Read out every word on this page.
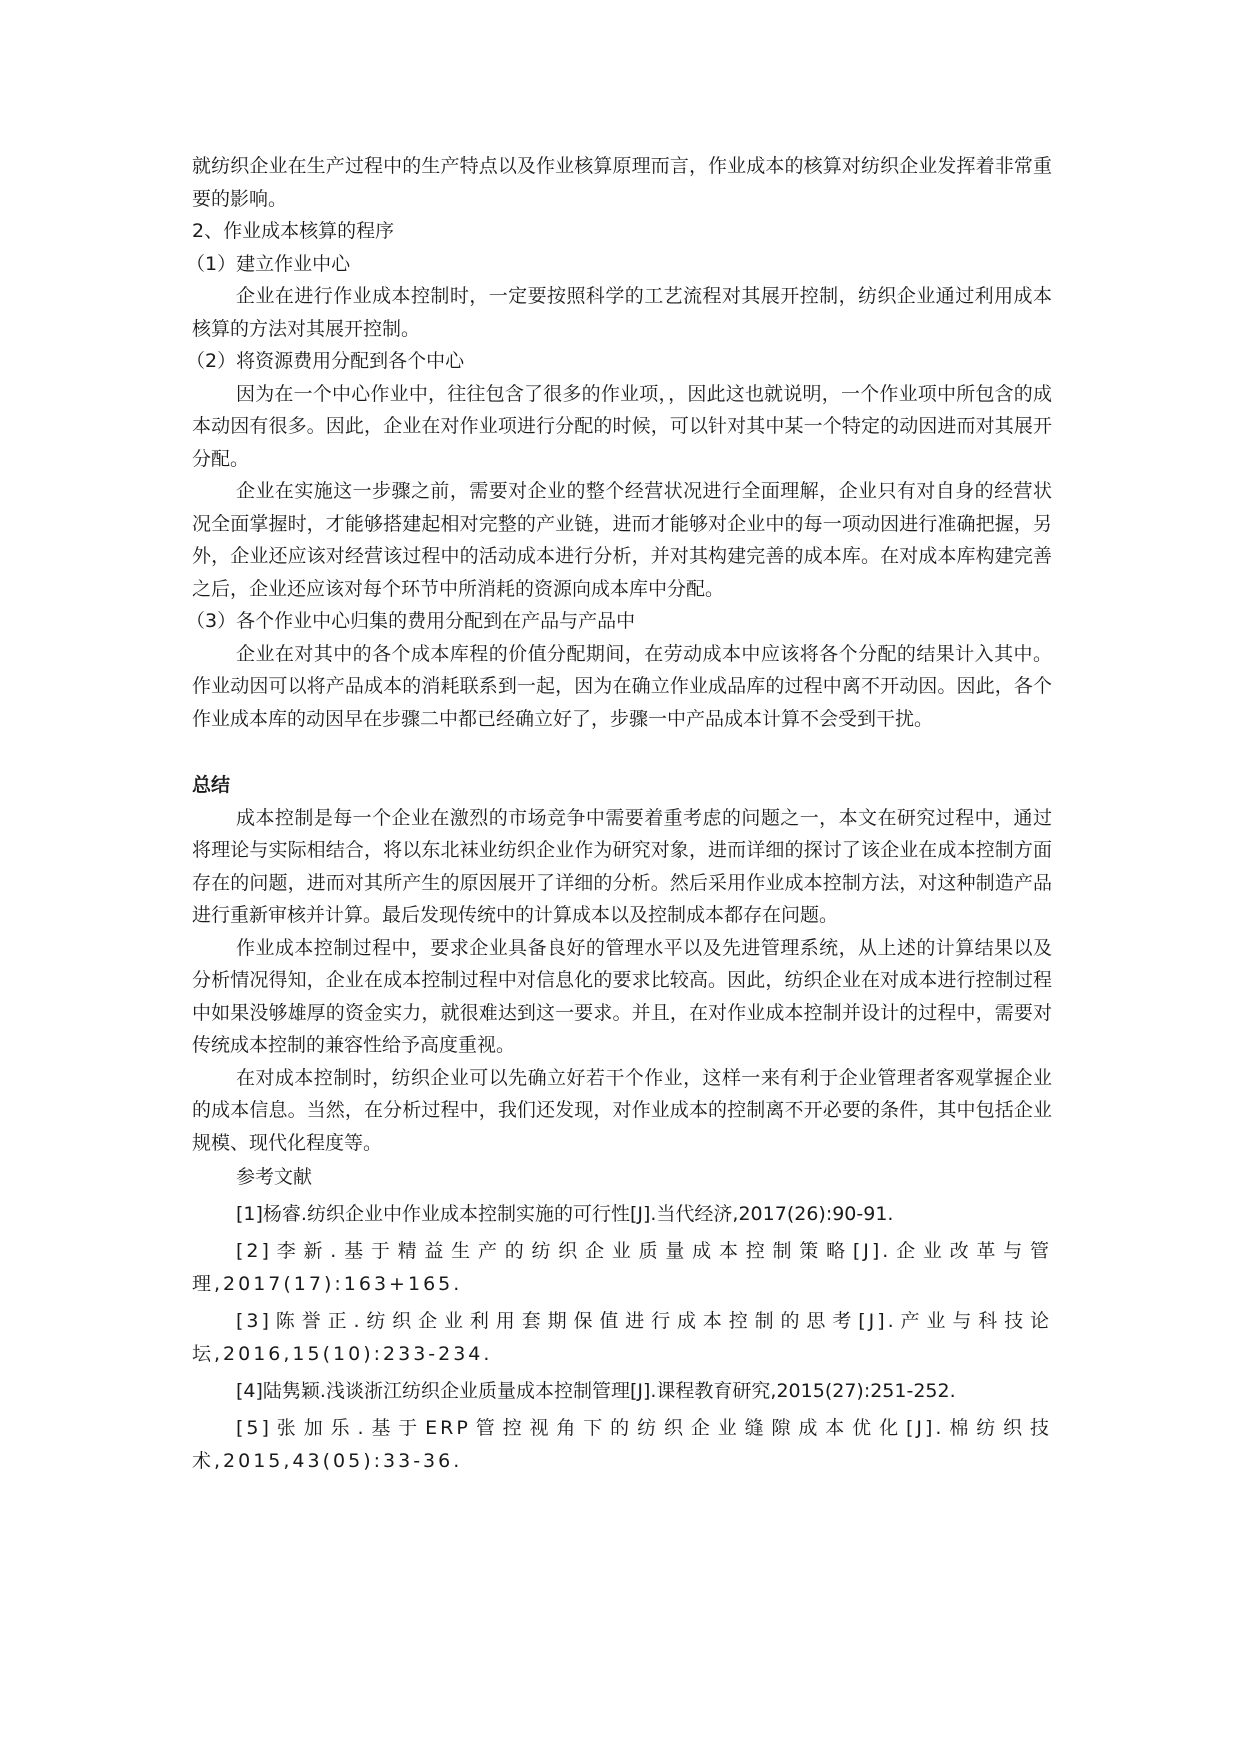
就纺织企业在生产过程中的生产特点以及作业核算原理而言，作业成本的核算对纺织企业发挥着非常重要的影响。

2、作业成本核算的程序

（1）建立作业中心

企业在进行作业成本控制时，一定要按照科学的工艺流程对其展开控制，纺织企业通过利用成本核算的方法对其展开控制。

（2）将资源费用分配到各个中心

因为在一个中心作业中，往往包含了很多的作业项，，因此这也就说明，一个作业项中所包含的成本动因有很多。因此，企业在对作业项进行分配的时候，可以针对其中某一个特定的动因进而对其展开分配。

企业在实施这一步骤之前，需要对企业的整个经营状况进行全面理解，企业只有对自身的经营状况全面掌握时，才能够搭建起相对完整的产业链，进而才能够对企业中的每一项动因进行准确把握，另外，企业还应该对经营该过程中的活动成本进行分析，并对其构建完善的成本库。在对成本库构建完善之后，企业还应该对每个环节中所消耗的资源向成本库中分配。

（3）各个作业中心归集的费用分配到在产品与产品中

企业在对其中的各个成本库程的价值分配期间，在劳动成本中应该将各个分配的结果计入其中。作业动因可以将产品成本的消耗联系到一起，因为在确立作业成品库的过程中离不开动因。因此，各个作业成本库的动因早在步骤二中都已经确立好了，步骤一中产品成本计算不会受到干扰。

总结

成本控制是每一个企业在激烈的市场竞争中需要着重考虑的问题之一，本文在研究过程中，通过将理论与实际相结合，将以东北袜业纺织企业作为研究对象，进而详细的探讨了该企业在成本控制方面存在的问题，进而对其所产生的原因展开了详细的分析。然后采用作业成本控制方法，对这种制造产品进行重新审核并计算。最后发现传统中的计算成本以及控制成本都存在问题。

作业成本控制过程中，要求企业具备良好的管理水平以及先进管理系统，从上述的计算结果以及分析情况得知，企业在成本控制过程中对信息化的要求比较高。因此，纺织企业在对成本进行控制过程中如果没够雄厚的资金实力，就很难达到这一要求。并且，在对作业成本控制并设计的过程中，需要对传统成本控制的兼容性给予高度重视。

在对成本控制时，纺织企业可以先确立好若干个作业，这样一来有利于企业管理者客观掌握企业的成本信息。当然，在分析过程中，我们还发现，对作业成本的控制离不开必要的条件，其中包括企业规模、现代化程度等。

参考文献

[1]杨睿.纺织企业中作业成本控制实施的可行性[J].当代经济,2017(26):90-91.

[2]李新.基于精益生产的纺织企业质量成本控制策略[J].企业改革与管理,2017(17):163+165.

[3]陈誉正.纺织企业利用套期保值进行成本控制的思考[J].产业与科技论坛,2016,15(10):233-234.

[4]陆隽颖.浅谈浙江纺织企业质量成本控制管理[J].课程教育研究,2015(27):251-252.

[5]张加乐.基于ERP管控视角下的纺织企业缝隙成本优化[J].棉纺织技术,2015,43(05):33-36.
